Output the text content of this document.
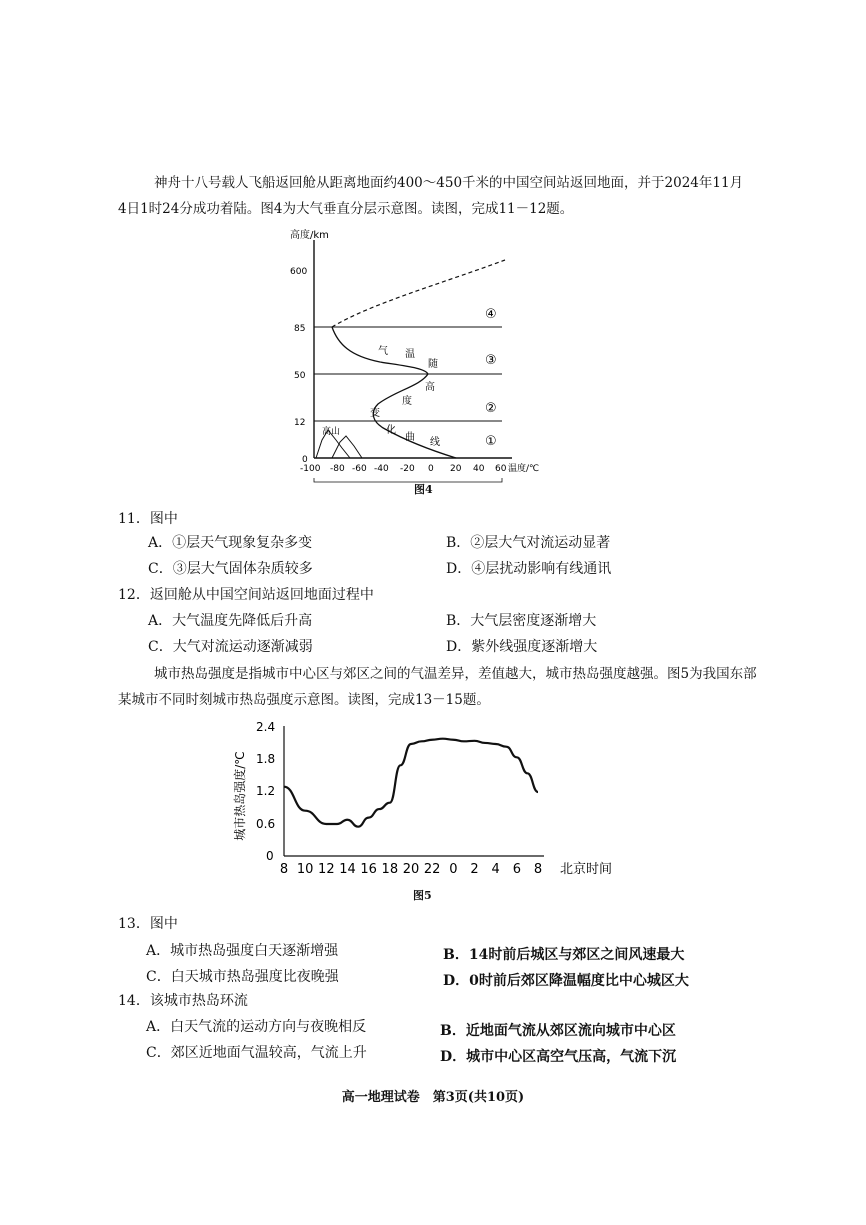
神舟十八号载人飞船返回舱从距离地面约400～450千米的中国空间站返回地面，并于2024年11月4日1时24分成功着陆。图4为大气垂直分层示意图。读图，完成11－12题。
高度/km
600
85
50
12
0
④
③
②
①
气 温
随
高
度
变
化
曲 线
高山
-100 -80 -60 -40 -20 0 20 40 60 温度/℃
图4
11．图中
A．①层天气现象复杂多变	B．②层大气对流运动显著
C．③层大气固体杂质较多	D．④层扰动影响有线通讯
12．返回舱从中国空间站返回地面过程中
A．大气温度先降低后升高	B．大气层密度逐渐增大
C．大气对流运动逐渐减弱	D．紫外线强度逐渐增大
城市热岛强度是指城市中心区与郊区之间的气温差异，差值越大，城市热岛强度越强。图5为我国东部某城市不同时刻城市热岛强度示意图。读图，完成13－15题。
城市热岛强度/℃
2.4
1.8
1.2
0.6
0
8 10 12 14 16 18 20 22 0 2 4 6 8 北京时间
图5
13．图中
A．城市热岛强度白天逐渐增强	B．14时前后城区与郊区之间风速最大
C．白天城市热岛强度比夜晚强	D．0时前后郊区降温幅度比中心城区大
14．该城市热岛环流
A．白天气流的运动方向与夜晚相反	B．近地面气流从郊区流向城市中心区
C．郊区近地面气温较高，气流上升	D．城市中心区高空气压高，气流下沉
高一地理试卷　第3页(共10页)
